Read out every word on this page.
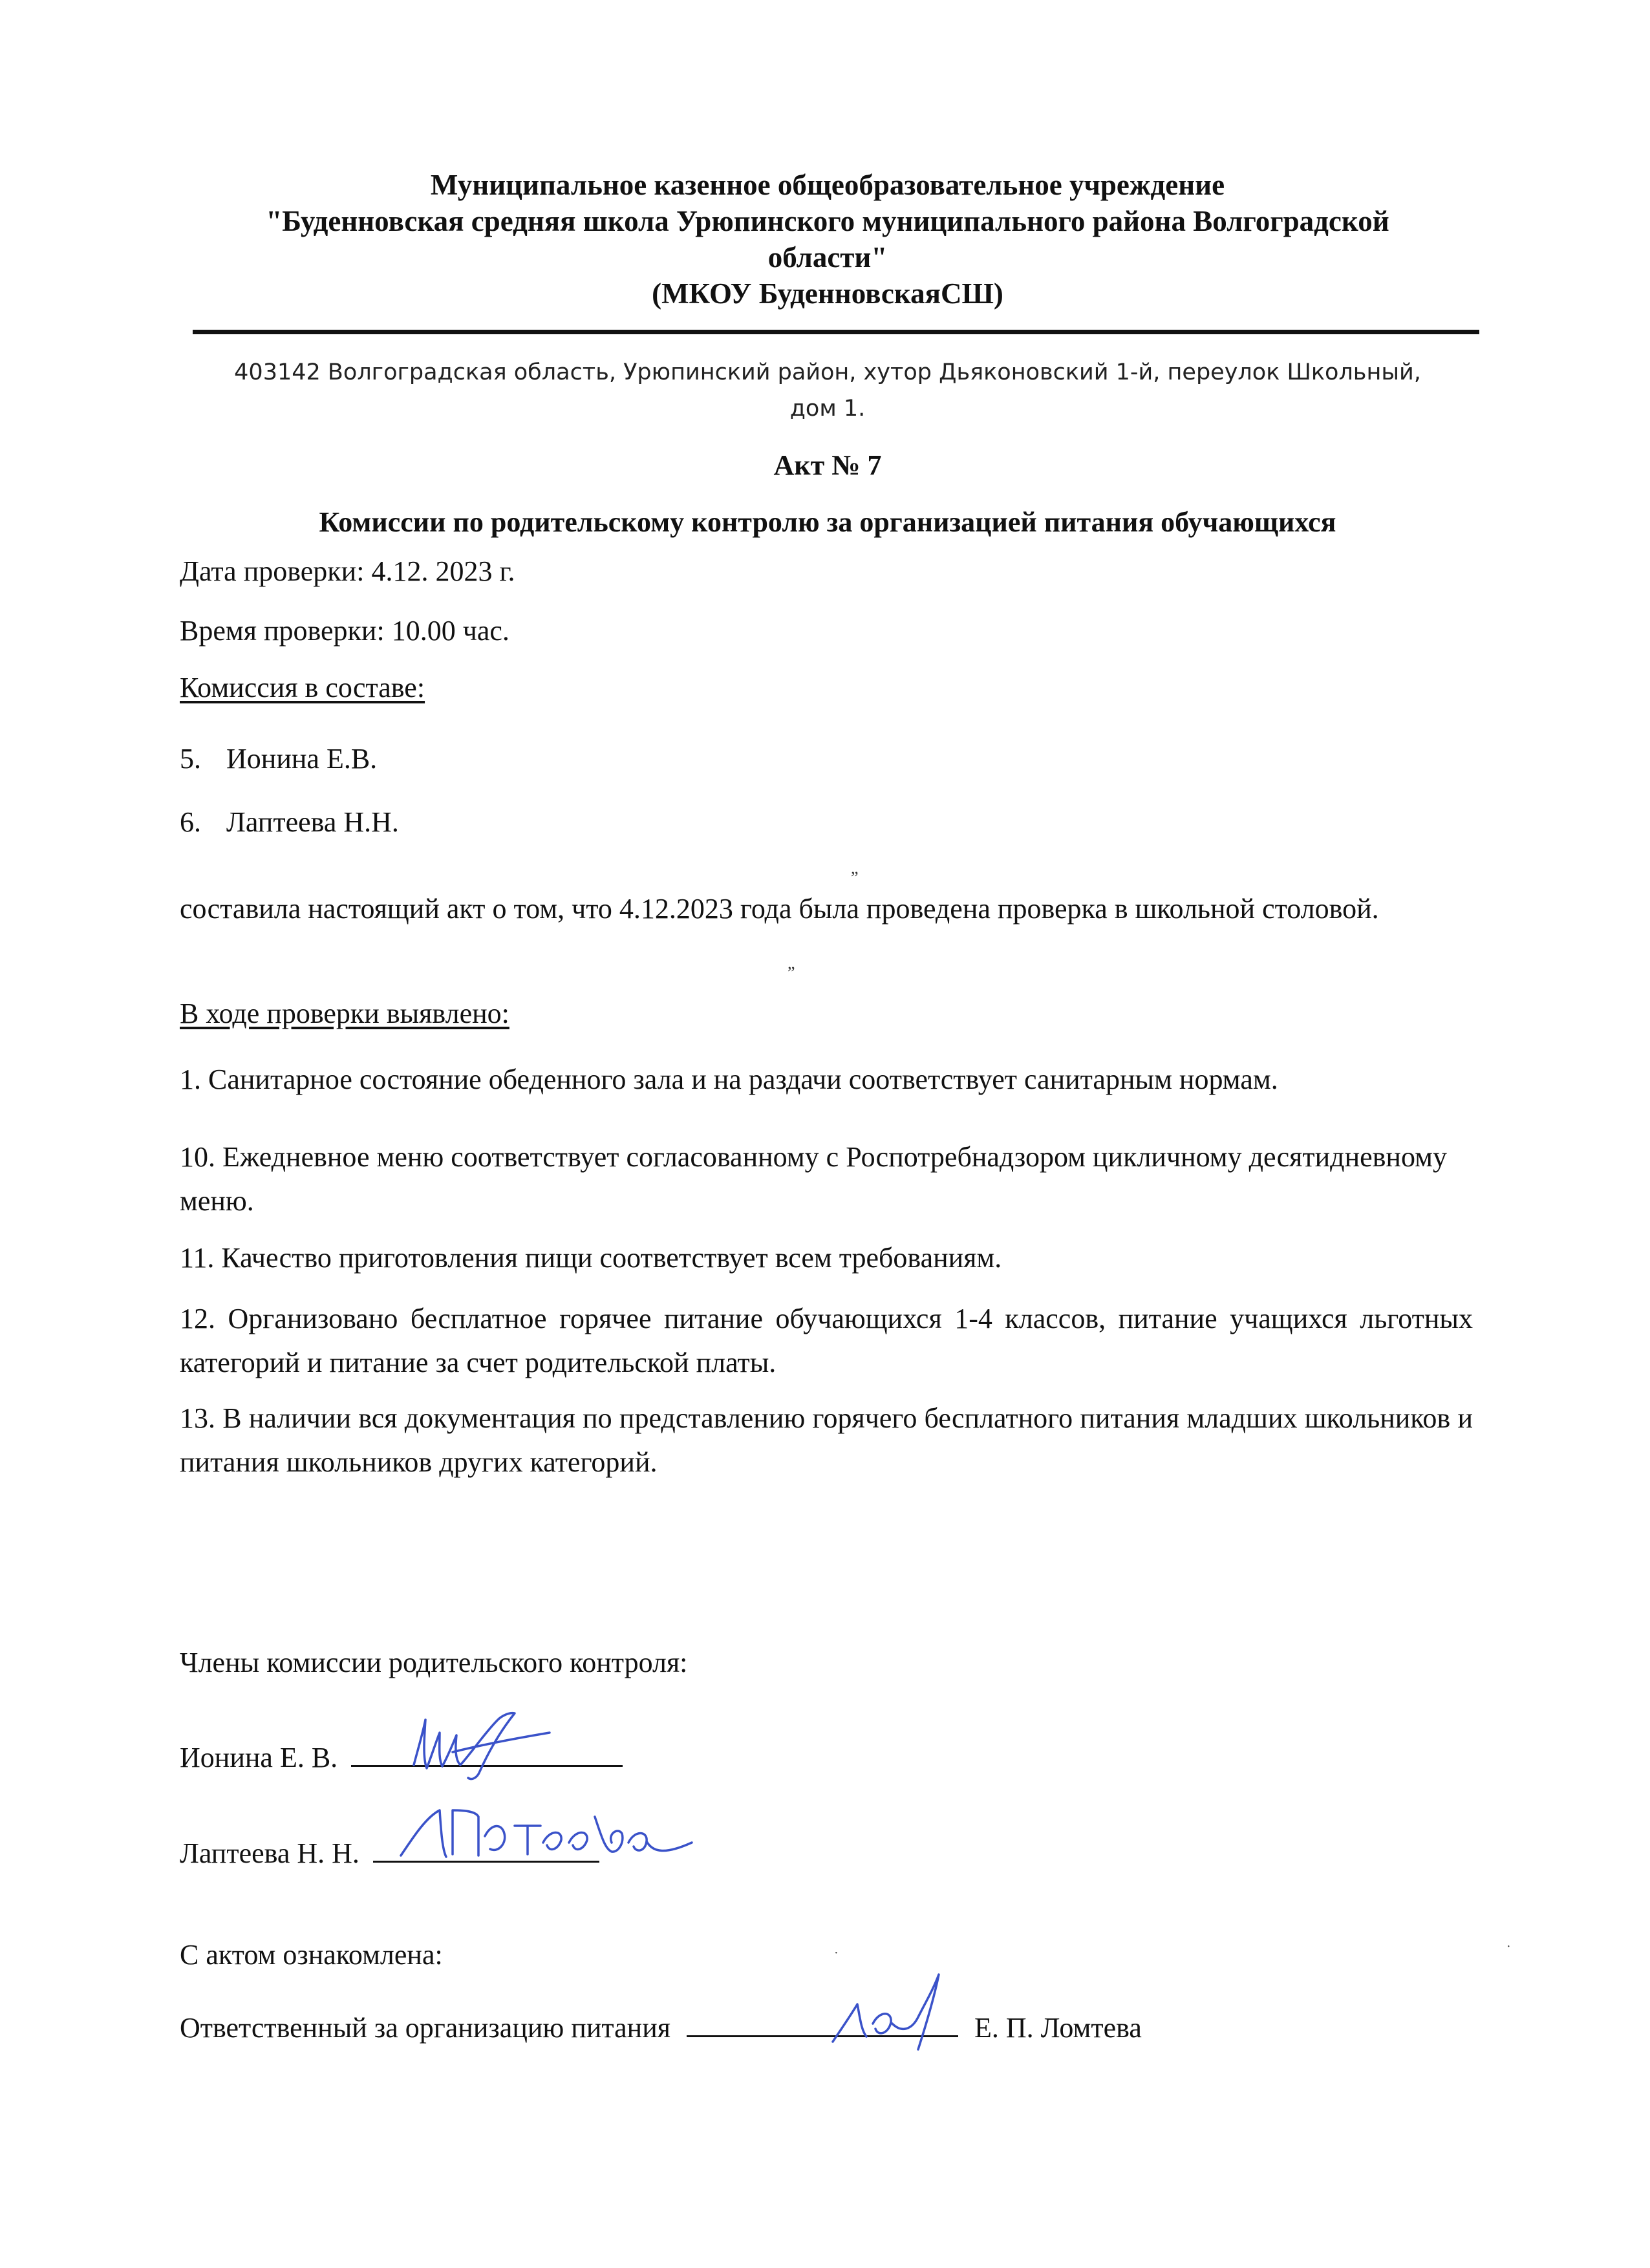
Муниципальное казенное общеобразовательное учреждение
"Буденновская средняя школа Урюпинского муниципального района Волгоградской
области"
(МКОУ БуденновскаяСШ)
403142 Волгоградская область, Урюпинский район, хутор Дьяконовский 1-й, переулок Школьный,
дом 1.
Акт № 7
Комиссии по родительскому контролю за организацией питания обучающихся
Дата проверки: 4.12. 2023 г.
Время проверки: 10.00 час.
Комиссия в составе:
5. Ионина Е.В.
6. Лаптеева Н.Н.
„
составила настоящий акт о том, что 4.12.2023 года была проведена проверка в школьной столовой.
”
В ходе проверки выявлено:
1. Санитарное состояние обеденного зала и на раздачи соответствует санитарным нормам.
10. Ежедневное меню соответствует согласованному с Роспотребнадзором цикличному десятидневному меню.
11. Качество приготовления пищи соответствует всем требованиям.
12. Организовано бесплатное горячее питание обучающихся 1-4 классов, питание учащихся льготных категорий и питание за счет родительской платы.
13. В наличии вся документация по представлению горячего бесплатного питания младших школьников и питания школьников других категорий.
Члены комиссии родительского контроля:
Ионина Е. В.
Лаптеева Н. Н.
С актом ознакомлена:
Ответственный за организацию питания	Е. П. Ломтева
·	·
